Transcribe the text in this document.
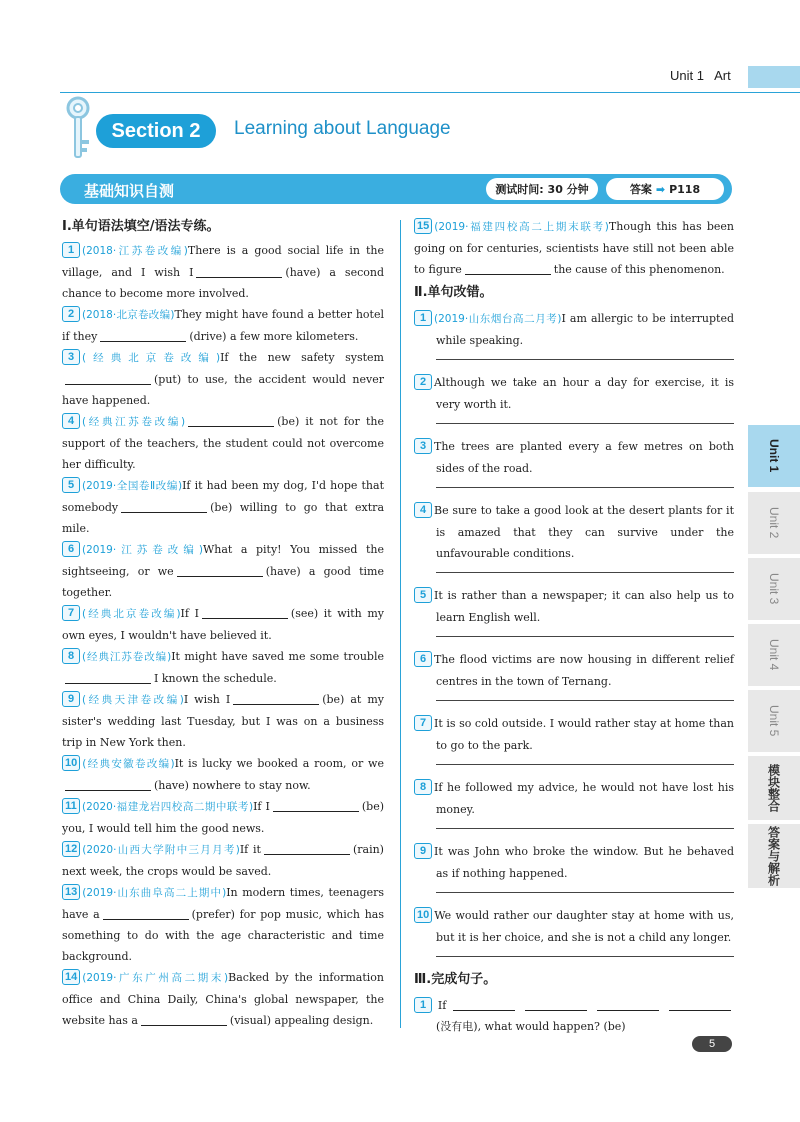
Unit 1 Art
Section 2	Learning about Language
基础知识自测	测试时间: 30 分钟	答案 ➡ P118
Ⅰ.单句语法填空/语法专练。
1 (2018·江苏卷改编)There is a good social life in the village, and I wish I	(have) a second chance to become more involved.
2 (2018·北京卷改编)They might have found a better hotel if they	(drive) a few more kilometers.
3 (经典北京卷改编)If the new safety system(put) to use, the accident would never have happened.
4 (经典江苏卷改编)	(be) it not for the support of the teachers, the student could not overcome her difficulty.
5 (2019·全国卷Ⅱ改编)If it had been my dog, I'd hope that somebody	(be) willing to go that extra mile.
6 (2019·江苏卷改编)What a pity! You missed the sightseeing, or we	(have) a good time together.
7 (经典北京卷改编)If I	(see) it with my own eyes, I wouldn't have believed it.
8 (经典江苏卷改编)It might have saved me some troubleI known the schedule.
9 (经典天津卷改编)I wish I	(be) at my sister's wedding last Tuesday, but I was on a business trip in New York then.
10 (经典安徽卷改编)It is lucky we booked a room, or we(have) nowhere to stay now.
11 (2020·福建龙岩四校高二期中联考)If I	(be) you, I would tell him the good news.
12 (2020·山西大学附中三月月考)If it	(rain) next week, the crops would be saved.
13 (2019·山东曲阜高二上期中)In modern times, teenagers have a	(prefer) for pop music, which has something to do with the age characteristic and time background.
14 (2019·广东广州高二期末)Backed by the information office and China Daily, China's global newspaper, the website has a	(visual) appealing design.
15 (2019·福建四校高二上期末联考)Though this has been going on for centuries, scientists have still not been able to figure	the cause of this phenomenon.
Ⅱ.单句改错。
1 (2019·山东烟台高二月考)I am allergic to be interrupted while speaking.
2 Although we take an hour a day for exercise, it is very worth it.
3 The trees are planted every a few metres on both sides of the road.
4 Be sure to take a good look at the desert plants for it is amazed that they can survive under the unfavourable conditions.
5 It is rather than a newspaper; it can also help us to learn English well.
6 The flood victims are now housing in different relief centres in the town of Ternang.
7 It is so cold outside. I would rather stay at home than to go to the park.
8 If he followed my advice, he would not have lost his money.
9 It was John who broke the window. But he behaved as if nothing happened.
10 We would rather our daughter stay at home with us, but it is her choice, and she is not a child any longer.
Ⅲ.完成句子。
1 If     (没有电), what would happen? (be)
Unit 1
Unit 2
Unit 3
Unit 4
Unit 5
模块整合
答案与解析
5
